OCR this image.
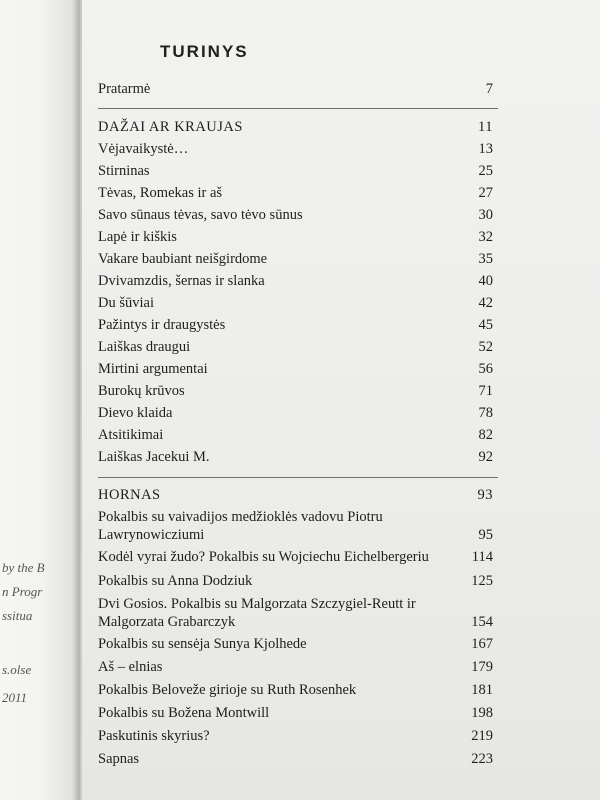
by the B
n Progr
ssitua
s.olse
2011
TURINYS
Pratarmė	7
DAŽAI AR KRAUJAS	11
Vėjavaikystė…	13
Stirninas	25
Tėvas, Romekas ir aš	27
Savo sūnaus tėvas, savo tėvo sūnus	30
Lapė ir kiškis	32
Vakare baubiant neišgirdome	35
Dvivamzdis, šernas ir slanka	40
Du šūviai	42
Pažintys ir draugystės	45
Laiškas draugui	52
Mirtini argumentai	56
Burokų krūvos	71
Dievo klaida	78
Atsitikimai	82
Laiškas Jacekui M.	92
HORNAS	93
Pokalbis su vaivadijos medžioklės vadovu Piotru Lawrynowicziumi	95
Kodėl vyrai žudo? Pokalbis su Wojciechu Eichelbergeriu	114
Pokalbis su Anna Dodziuk	125
Dvi Gosios. Pokalbis su Malgorzata Szczygiel-Reutt ir Malgorzata Grabarczyk	154
Pokalbis su sensėja Sunya Kjolhede	167
Aš – elnias	179
Pokalbis Beloveže girioje su Ruth Rosenhek	181
Pokalbis su Božena Montwill	198
Paskutinis skyrius?	219
Sapnas	223
